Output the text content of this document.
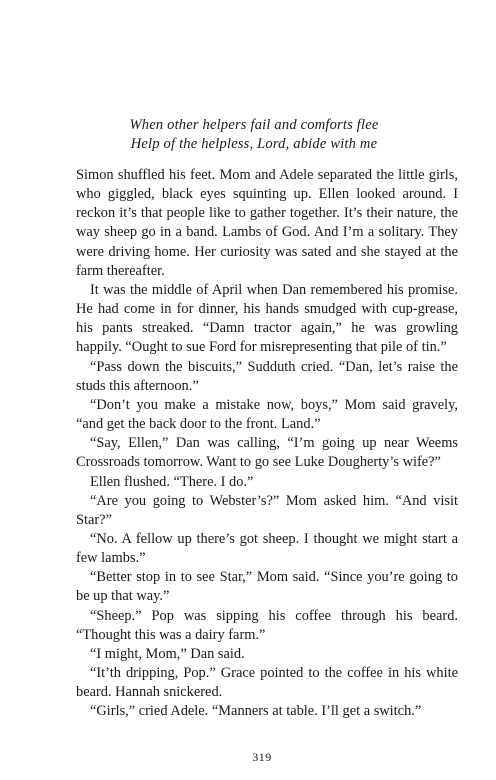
When other helpers fail and comforts flee
Help of the helpless, Lord, abide with me

Simon shuffled his feet. Mom and Adele separated the little girls, who giggled, black eyes squinting up. Ellen looked around. I reckon it’s that people like to gather together. It’s their nature, the way sheep go in a band. Lambs of God. And I’m a solitary. They were driving home. Her curiosity was sated and she stayed at the farm thereafter.

It was the middle of April when Dan remembered his promise. He had come in for dinner, his hands smudged with cup-grease, his pants streaked. “Damn tractor again,” he was growling happily. “Ought to sue Ford for misrepresenting that pile of tin.”

“Pass down the biscuits,” Sudduth cried. “Dan, let’s raise the studs this afternoon.”

“Don’t you make a mistake now, boys,” Mom said gravely, “and get the back door to the front. Land.”

“Say, Ellen,” Dan was calling, “I’m going up near Weems Crossroads tomorrow. Want to go see Luke Dougherty’s wife?”

Ellen flushed. “There. I do.”

“Are you going to Webster’s?” Mom asked him. “And visit Star?”

“No. A fellow up there’s got sheep. I thought we might start a few lambs.”

“Better stop in to see Star,” Mom said. “Since you’re going to be up that way.”

“Sheep.” Pop was sipping his coffee through his beard. “Thought this was a dairy farm.”

“I might, Mom,” Dan said.

“It’th dripping, Pop.” Grace pointed to the coffee in his white beard. Hannah snickered.

“Girls,” cried Adele. “Manners at table. I’ll get a switch.”

319
